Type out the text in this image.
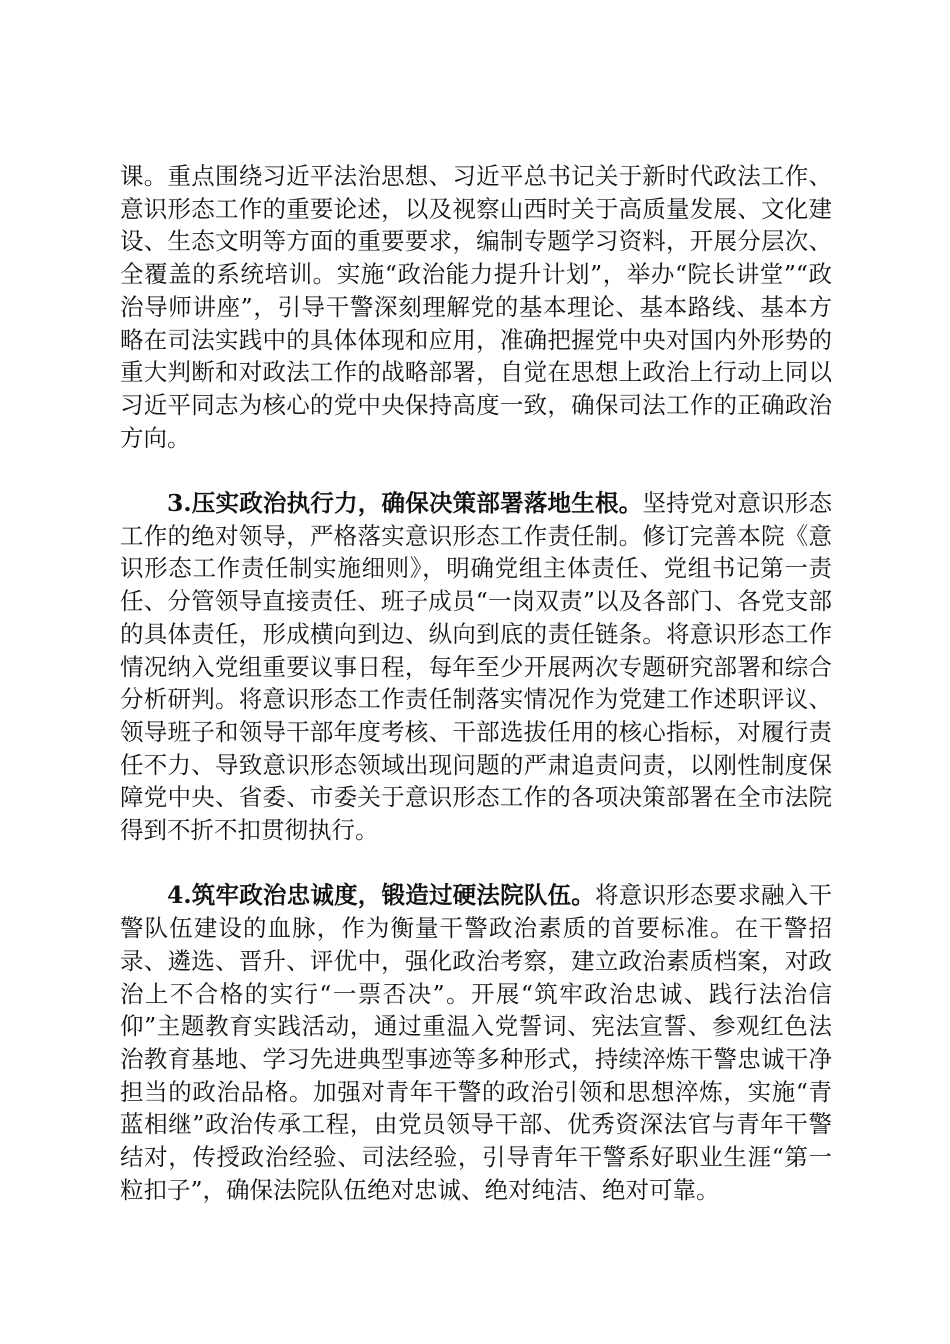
课。重点围绕习近平法治思想、习近平总书记关于新时代政法工作、意识形态工作的重要论述，以及视察山西时关于高质量发展、文化建设、生态文明等方面的重要要求，编制专题学习资料，开展分层次、全覆盖的系统培训。实施“政治能力提升计划”，举办“院长讲堂”“政治导师讲座”，引导干警深刻理解党的基本理论、基本路线、基本方略在司法实践中的具体体现和应用，准确把握党中央对国内外形势的重大判断和对政法工作的战略部署，自觉在思想上政治上行动上同以习近平同志为核心的党中央保持高度一致，确保司法工作的正确政治方向。

3.压实政治执行力，确保决策部署落地生根。坚持党对意识形态工作的绝对领导，严格落实意识形态工作责任制。修订完善本院《意识形态工作责任制实施细则》，明确党组主体责任、党组书记第一责任、分管领导直接责任、班子成员“一岗双责”以及各部门、各党支部的具体责任，形成横向到边、纵向到底的责任链条。将意识形态工作情况纳入党组重要议事日程，每年至少开展两次专题研究部署和综合分析研判。将意识形态工作责任制落实情况作为党建工作述职评议、领导班子和领导干部年度考核、干部选拔任用的核心指标，对履行责任不力、导致意识形态领域出现问题的严肃追责问责，以刚性制度保障党中央、省委、市委关于意识形态工作的各项决策部署在全市法院得到不折不扣贯彻执行。

4.筑牢政治忠诚度，锻造过硬法院队伍。将意识形态要求融入干警队伍建设的血脉，作为衡量干警政治素质的首要标准。在干警招录、遴选、晋升、评优中，强化政治考察，建立政治素质档案，对政治上不合格的实行“一票否决”。开展“筑牢政治忠诚、践行法治信仰”主题教育实践活动，通过重温入党誓词、宪法宣誓、参观红色法治教育基地、学习先进典型事迹等多种形式，持续淬炼干警忠诚干净担当的政治品格。加强对青年干警的政治引领和思想淬炼，实施“青蓝相继”政治传承工程，由党员领导干部、优秀资深法官与青年干警结对，传授政治经验、司法经验，引导青年干警系好职业生涯“第一粒扣子”，确保法院队伍绝对忠诚、绝对纯洁、绝对可靠。
